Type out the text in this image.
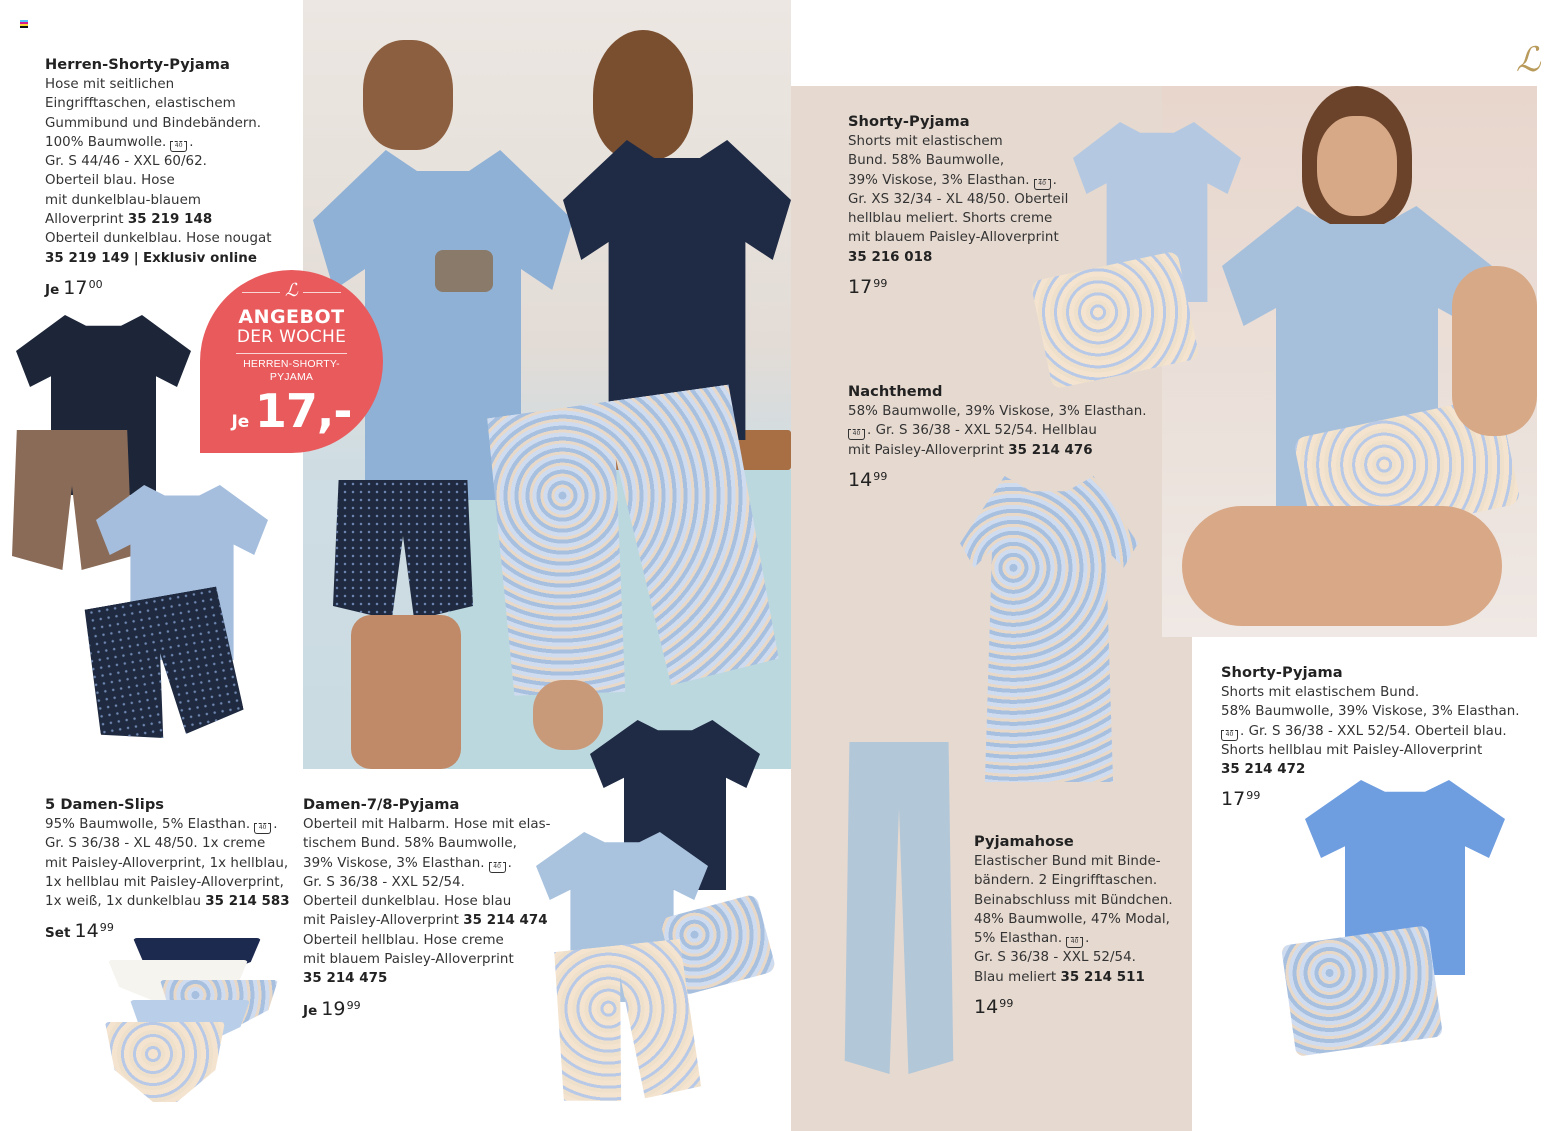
ℒ
ℒ
ANGEBOT
DER WOCHE
HERREN-SHORTY-
PYJAMA
Je 17,-
Herren-Shorty-Pyjama
Hose mit seitlichen
Eingrifftaschen, elastischem
Gummibund und Bindebändern.
100% Baumwolle. 40 .
Gr. S 44/46 - XXL 60/62.
Oberteil blau. Hose
mit dunkelblau-blauem
Alloverprint 35 219 148
Oberteil dunkelblau. Hose nougat
35 219 149 | Exklusiv online
Je $17^{00}$
5 Damen-Slips
95% Baumwolle, 5% Elasthan. 40 .
Gr. S 36/38 - XL 48/50. 1x creme
mit Paisley-Alloverprint, 1x hellblau,
1x hellblau mit Paisley-Alloverprint,
1x weiß, 1x dunkelblau 35 214 583
Set $14^{99}$
Damen-7/8-Pyjama
Oberteil mit Halbarm. Hose mit elas-
tischem Bund. 58% Baumwolle,
39% Viskose, 3% Elasthan. 40 .
Gr. S 36/38 - XXL 52/54.
Oberteil dunkelblau. Hose blau
mit Paisley-Alloverprint 35 214 474
Oberteil hellblau. Hose creme
mit blauem Paisley-Alloverprint
35 214 475
Je $19^{99}$
Shorty-Pyjama
Shorts mit elastischem
Bund. 58% Baumwolle,
39% Viskose, 3% Elasthan. 40 .
Gr. XS 32/34 - XL 48/50. Oberteil
hellblau meliert. Shorts creme
mit blauem Paisley-Alloverprint
35 216 018
$17^{99}$
Nachthemd
58% Baumwolle, 39% Viskose, 3% Elasthan.
40 . Gr. S 36/38 - XXL 52/54. Hellblau
mit Paisley-Alloverprint 35 214 476
$14^{99}$
Pyjamahose
Elastischer Bund mit Binde-
bändern. 2 Eingrifftaschen.
Beinabschluss mit Bündchen.
48% Baumwolle, 47% Modal,
5% Elasthan. 40 .
Gr. S 36/38 - XXL 52/54.
Blau meliert 35 214 511
$14^{99}$
Shorty-Pyjama
Shorts mit elastischem Bund.
58% Baumwolle, 39% Viskose, 3% Elasthan.
40 . Gr. S 36/38 - XXL 52/54. Oberteil blau.
Shorts hellblau mit Paisley-Alloverprint
35 214 472
$17^{99}$
